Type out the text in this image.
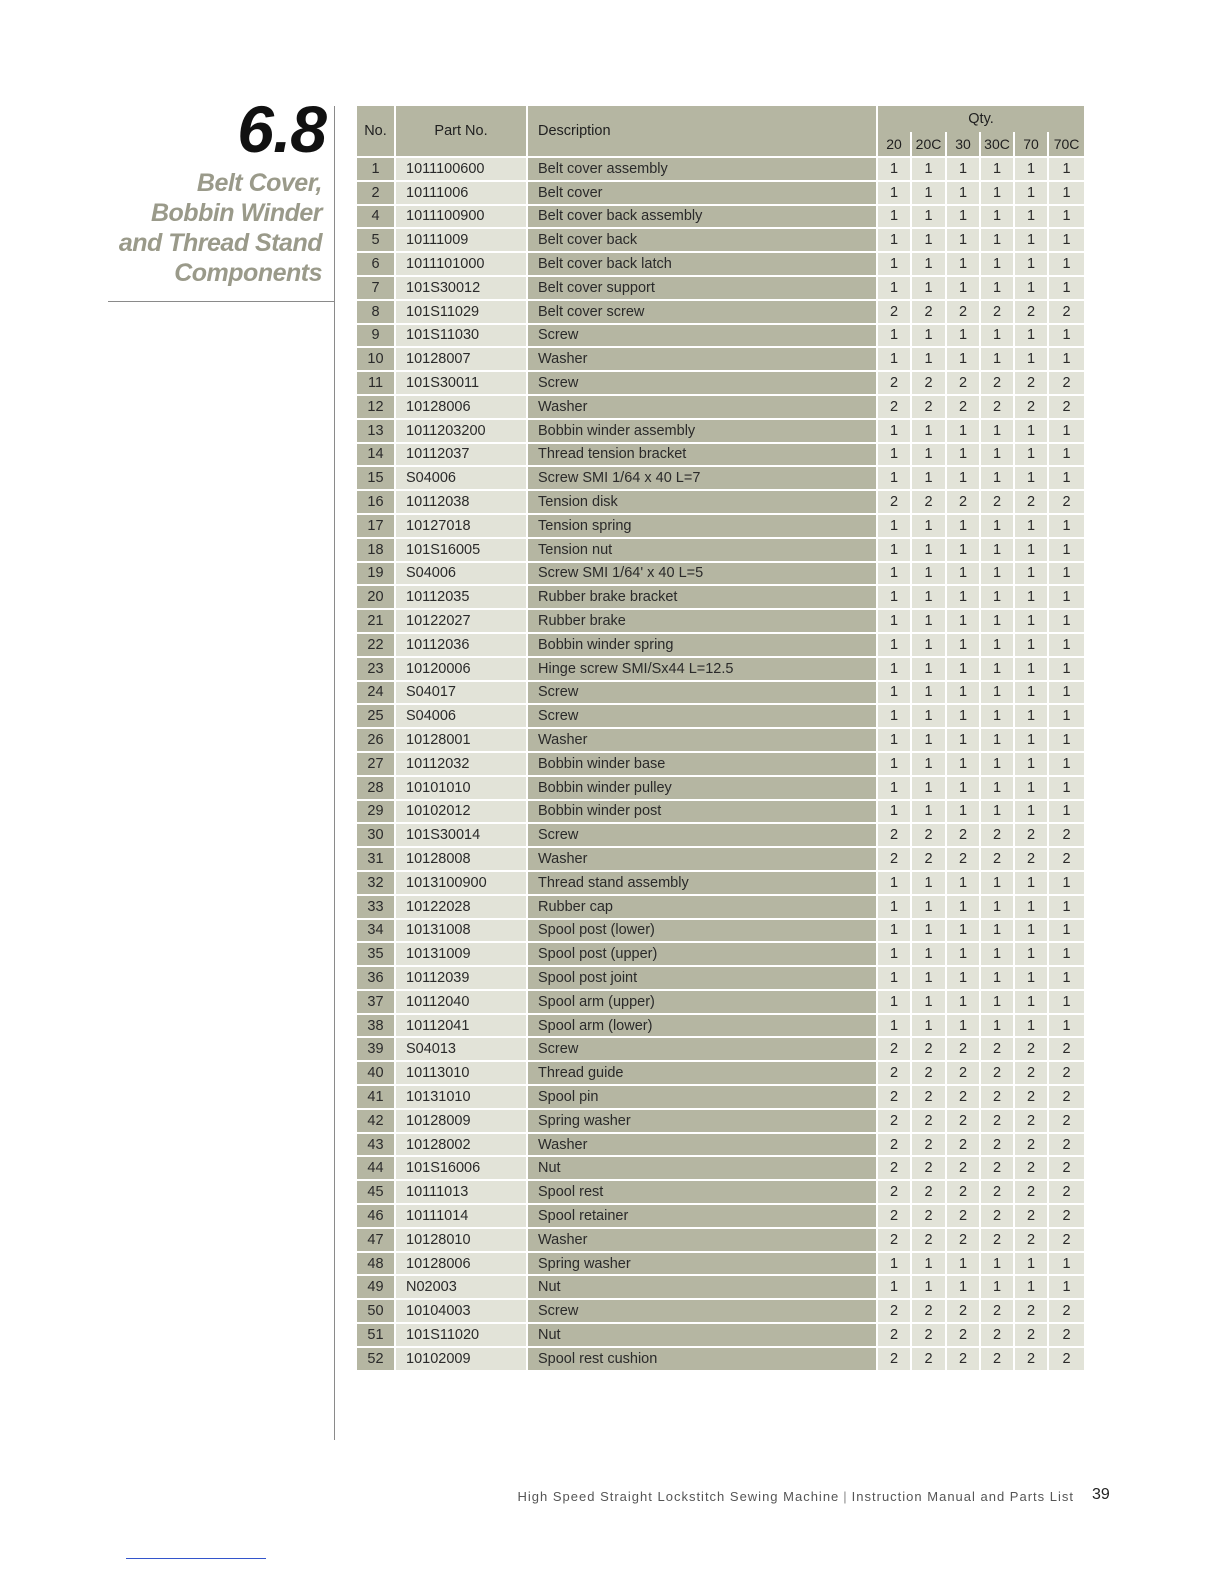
6.8
Belt Cover,
Bobbin Winder
and Thread Stand
Components
No.	Part No.	Description	Qty.					
			20	20C	30	30C	70	70C
1	1011100600	Belt cover assembly	1	1	1	1	1	1
2	10111006	Belt cover	1	1	1	1	1	1
4	1011100900	Belt cover back assembly	1	1	1	1	1	1
5	10111009	Belt cover back	1	1	1	1	1	1
6	1011101000	Belt cover back latch	1	1	1	1	1	1
7	101S30012	Belt cover support	1	1	1	1	1	1
8	101S11029	Belt cover screw	2	2	2	2	2	2
9	101S11030	Screw	1	1	1	1	1	1
10	10128007	Washer	1	1	1	1	1	1
11	101S30011	Screw	2	2	2	2	2	2
12	10128006	Washer	2	2	2	2	2	2
13	1011203200	Bobbin winder assembly	1	1	1	1	1	1
14	10112037	Thread tension bracket	1	1	1	1	1	1
15	S04006	Screw SMI 1/64 x 40 L=7	1	1	1	1	1	1
16	10112038	Tension disk	2	2	2	2	2	2
17	10127018	Tension spring	1	1	1	1	1	1
18	101S16005	Tension nut	1	1	1	1	1	1
19	S04006	Screw SMI 1/64' x 40 L=5	1	1	1	1	1	1
20	10112035	Rubber brake bracket	1	1	1	1	1	1
21	10122027	Rubber brake	1	1	1	1	1	1
22	10112036	Bobbin winder spring	1	1	1	1	1	1
23	10120006	Hinge screw SMI/Sx44 L=12.5	1	1	1	1	1	1
24	S04017	Screw	1	1	1	1	1	1
25	S04006	Screw	1	1	1	1	1	1
26	10128001	Washer	1	1	1	1	1	1
27	10112032	Bobbin winder base	1	1	1	1	1	1
28	10101010	Bobbin winder pulley	1	1	1	1	1	1
29	10102012	Bobbin winder post	1	1	1	1	1	1
30	101S30014	Screw	2	2	2	2	2	2
31	10128008	Washer	2	2	2	2	2	2
32	1013100900	Thread stand assembly	1	1	1	1	1	1
33	10122028	Rubber cap	1	1	1	1	1	1
34	10131008	Spool post (lower)	1	1	1	1	1	1
35	10131009	Spool post (upper)	1	1	1	1	1	1
36	10112039	Spool post joint	1	1	1	1	1	1
37	10112040	Spool arm (upper)	1	1	1	1	1	1
38	10112041	Spool arm (lower)	1	1	1	1	1	1
39	S04013	Screw	2	2	2	2	2	2
40	10113010	Thread guide	2	2	2	2	2	2
41	10131010	Spool pin	2	2	2	2	2	2
42	10128009	Spring washer	2	2	2	2	2	2
43	10128002	Washer	2	2	2	2	2	2
44	101S16006	Nut	2	2	2	2	2	2
45	10111013	Spool rest	2	2	2	2	2	2
46	10111014	Spool retainer	2	2	2	2	2	2
47	10128010	Washer	2	2	2	2	2	2
48	10128006	Spring washer	1	1	1	1	1	1
49	N02003	Nut	1	1	1	1	1	1
50	10104003	Screw	2	2	2	2	2	2
51	101S11020	Nut	2	2	2	2	2	2
52	10102009	Spool rest cushion	2	2	2	2	2	2
High Speed Straight Lockstitch Sewing Machine | Instruction Manual and Parts List 39
